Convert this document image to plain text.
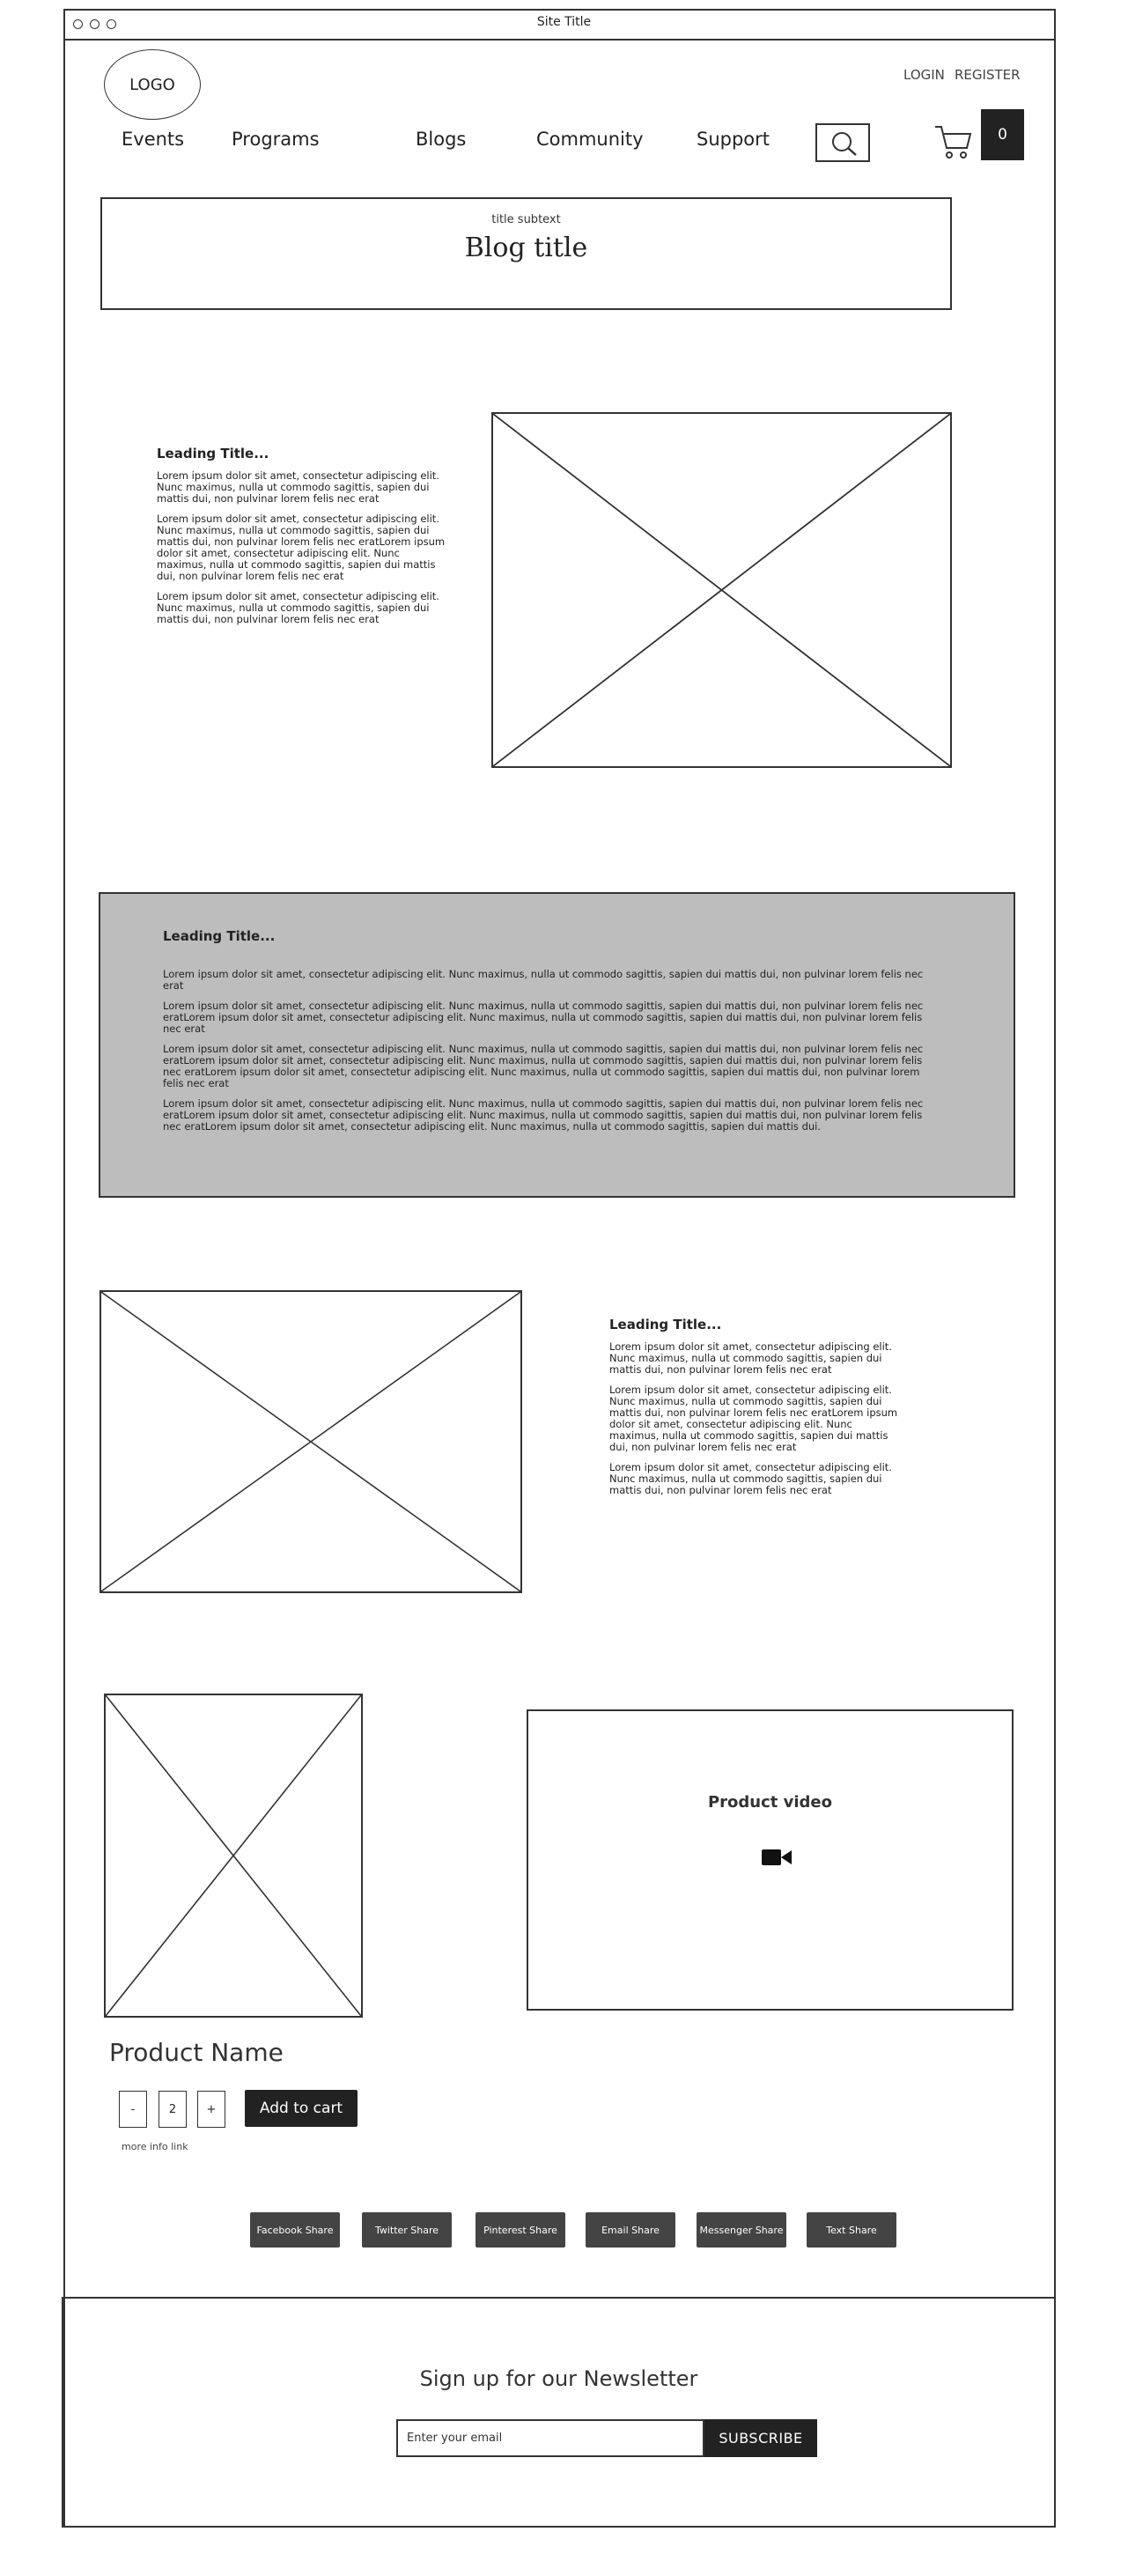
Site Title
LOGO
LOGIN REGISTER
Events	Programs	Blogs	Community	Support	0
title subtext
Blog title
Leading Title...

Lorem ipsum dolor sit amet, consectetur adipiscing elit. Nunc maximus, nulla ut commodo sagittis, sapien dui mattis dui, non pulvinar lorem felis nec erat

Lorem ipsum dolor sit amet, consectetur adipiscing elit. Nunc maximus, nulla ut commodo sagittis, sapien dui mattis dui, non pulvinar lorem felis nec eratLorem ipsum dolor sit amet, consectetur adipiscing elit. Nunc maximus, nulla ut commodo sagittis, sapien dui mattis dui, non pulvinar lorem felis nec erat

Lorem ipsum dolor sit amet, consectetur adipiscing elit. Nunc maximus, nulla ut commodo sagittis, sapien dui mattis dui, non pulvinar lorem felis nec erat

Leading Title...

Lorem ipsum dolor sit amet, consectetur adipiscing elit. Nunc maximus, nulla ut commodo sagittis, sapien dui mattis dui, non pulvinar lorem felis nec erat

Lorem ipsum dolor sit amet, consectetur adipiscing elit. Nunc maximus, nulla ut commodo sagittis, sapien dui mattis dui, non pulvinar lorem felis nec eratLorem ipsum dolor sit amet, consectetur adipiscing elit. Nunc maximus, nulla ut commodo sagittis, sapien dui mattis dui, non pulvinar lorem felis nec erat

Lorem ipsum dolor sit amet, consectetur adipiscing elit. Nunc maximus, nulla ut commodo sagittis, sapien dui mattis dui, non pulvinar lorem felis nec eratLorem ipsum dolor sit amet, consectetur adipiscing elit. Nunc maximus, nulla ut commodo sagittis, sapien dui mattis dui, non pulvinar lorem felis nec eratLorem ipsum dolor sit amet, consectetur adipiscing elit. Nunc maximus, nulla ut commodo sagittis, sapien dui mattis dui, non pulvinar lorem felis nec erat

Lorem ipsum dolor sit amet, consectetur adipiscing elit. Nunc maximus, nulla ut commodo sagittis, sapien dui mattis dui, non pulvinar lorem felis nec eratLorem ipsum dolor sit amet, consectetur adipiscing elit. Nunc maximus, nulla ut commodo sagittis, sapien dui mattis dui, non pulvinar lorem felis nec eratLorem ipsum dolor sit amet, consectetur adipiscing elit. Nunc maximus, nulla ut commodo sagittis, sapien dui mattis dui.

Leading Title...

Lorem ipsum dolor sit amet, consectetur adipiscing elit. Nunc maximus, nulla ut commodo sagittis, sapien dui mattis dui, non pulvinar lorem felis nec erat

Lorem ipsum dolor sit amet, consectetur adipiscing elit. Nunc maximus, nulla ut commodo sagittis, sapien dui mattis dui, non pulvinar lorem felis nec eratLorem ipsum dolor sit amet, consectetur adipiscing elit. Nunc maximus, nulla ut commodo sagittis, sapien dui mattis dui, non pulvinar lorem felis nec erat

Lorem ipsum dolor sit amet, consectetur adipiscing elit. Nunc maximus, nulla ut commodo sagittis, sapien dui mattis dui, non pulvinar lorem felis nec erat

Product video
Product Name
-	2	+	Add to cart
more info link
Facebook Share	Twitter Share	Pinterest Share	Email Share	Messenger Share	Text Share
Sign up for our Newsletter
Enter your email	SUBSCRIBE
